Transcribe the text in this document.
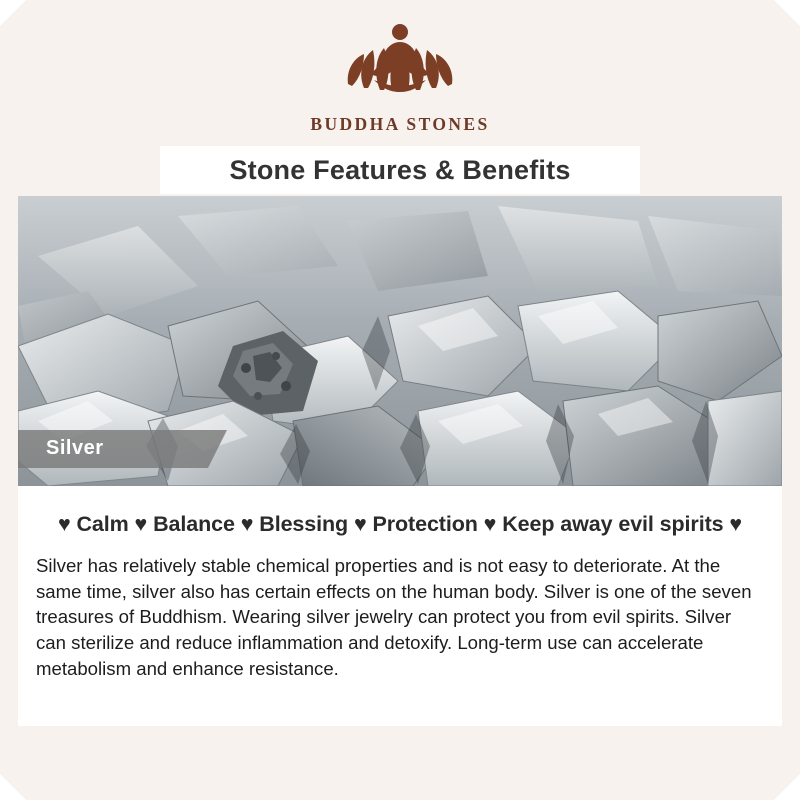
BUDDHA STONES
Stone Features & Benefits
Silver
♥ Calm ♥ Balance ♥ Blessing ♥ Protection ♥ Keep away evil spirits ♥

Silver has relatively stable chemical properties and is not easy to deteriorate. At the same time, silver also has certain effects on the human body. Silver is one of the seven treasures of Buddhism. Wearing silver jewelry can protect you from evil spirits. Silver can sterilize and reduce inflammation and detoxify. Long-term use can accelerate metabolism and enhance resistance.
